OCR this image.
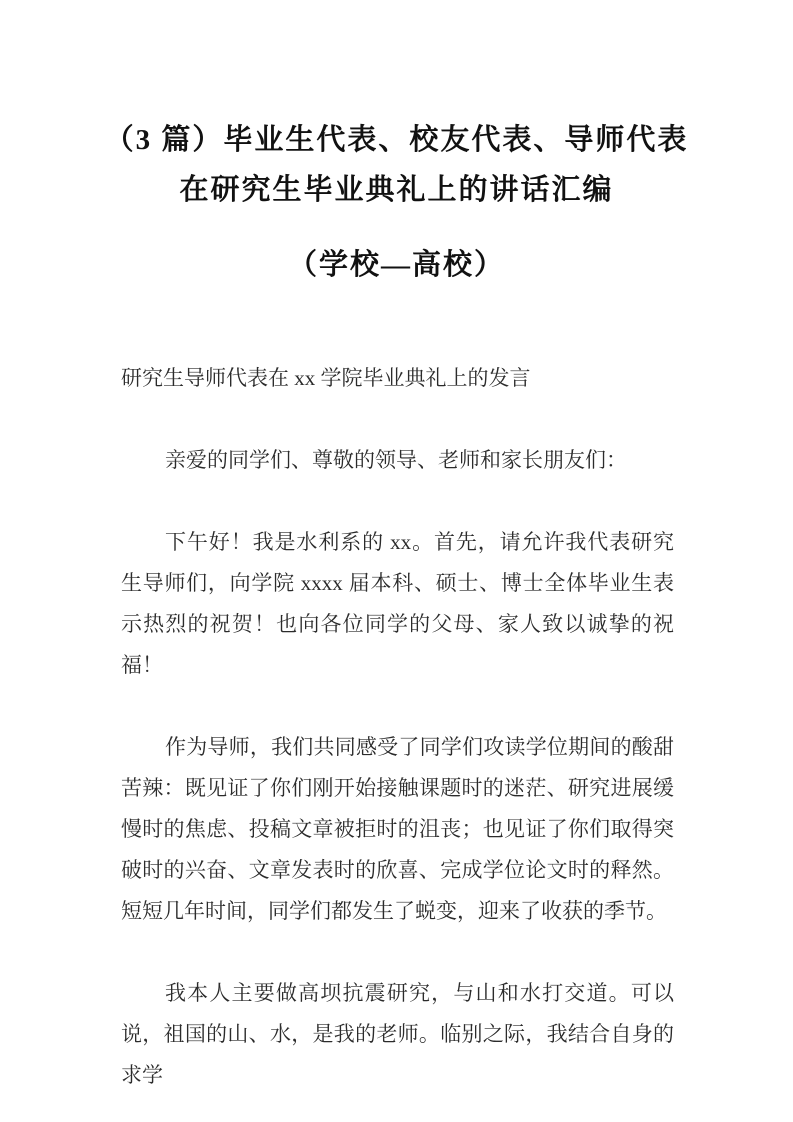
（3 篇）毕业生代表、校友代表、导师代表
在研究生毕业典礼上的讲话汇编
（学校—高校）

研究生导师代表在 xx 学院毕业典礼上的发言

亲爱的同学们、尊敬的领导、老师和家长朋友们：

下午好！我是水利系的 xx。首先，请允许我代表研究生导师们，向学院 xxxx 届本科、硕士、博士全体毕业生表示热烈的祝贺！也向各位同学的父母、家人致以诚挚的祝福！

作为导师，我们共同感受了同学们攻读学位期间的酸甜苦辣：既见证了你们刚开始接触课题时的迷茫、研究进展缓慢时的焦虑、投稿文章被拒时的沮丧；也见证了你们取得突破时的兴奋、文章发表时的欣喜、完成学位论文时的释然。短短几年时间，同学们都发生了蜕变，迎来了收获的季节。

我本人主要做高坝抗震研究，与山和水打交道。可以说，祖国的山、水，是我的老师。临别之际，我结合自身的求学
